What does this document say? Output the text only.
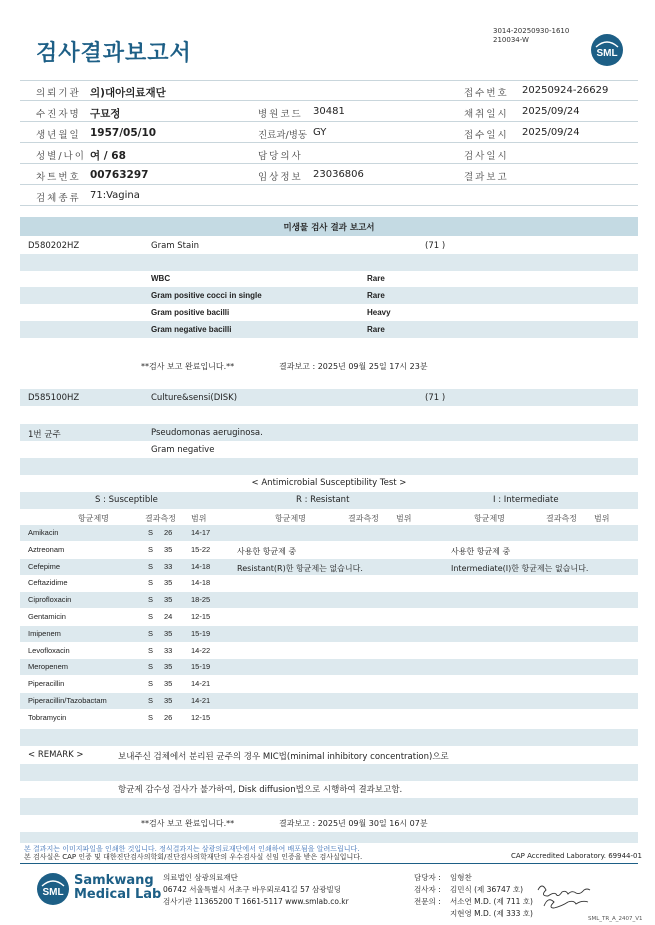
검사결과보고서
3014-20250930-1610
210034-W
SML
의뢰기관 의)대아의료재단	접수번호 20250924-26629
수진자명 구묘정	병원코드 30481	채취일시 2025/09/24
생년월일 1957/05/10	진료과/병동 GY	접수일시 2025/09/24
성별/나이 여 / 68	담당의사	검사일시
차트번호 00763297	임상정보 23036806	결과보고
검체종류 71:Vagina
미생물 검사 결과 보고서
D580202HZ	Gram Stain	(71 )
WBC	Rare
Gram positive cocci in single	Rare
Gram positive bacilli	Heavy
Gram negative bacilli	Rare
**검사 보고 완료입니다.**	결과보고 : 2025년 09월 25일 17시 23분
D585100HZ	Culture&sensi(DISK)	(71 )
1번 균주	Pseudomonas aeruginosa.
Gram negative
< Antimicrobial Susceptibility Test >
S : Susceptible	R : Resistant	I : Intermediate
항균제명	결과측정 범위	항균제명	결과측정 범위	항균제명	결과측정 범위
Amikacin	S 26 14-17
Aztreonam	S 35 15-22
Cefepime	S 33 14-18
Ceftazidime	S 35 14-18
Ciprofloxacin	S 35 18-25
Gentamicin	S 24 12-15
Imipenem	S 35 15-19
Levofloxacin	S 33 14-22
Meropenem	S 35 15-19
Piperacillin	S 35 14-21
Piperacillin/Tazobactam	S 35 14-21
Tobramycin	S 26 12-15
사용한 항균제 중
Resistant(R)한 항균제는 없습니다.
사용한 항균제 중
Intermediate(I)한 항균제는 없습니다.
< REMARK >	보내주신 검체에서 분리된 균주의 경우 MIC법(minimal inhibitory concentration)으로
항균제 감수성 검사가 불가하여, Disk diffusion법으로 시행하여 결과보고함.
**검사 보고 완료입니다.**	결과보고 : 2025년 09월 30일 16시 07분
본 결과지는 이미지파일을 인쇄한 것입니다. 정식결과지는 삼광의료재단에서 인쇄하여 배포됨을 알려드립니다.
본 검사실은 CAP 인증 및 대한진단검사의학회/진단검사의학재단의 우수검사실 신임 인증을 받은 검사실입니다.	CAP Accredited Laboratory. 69944-01
SML
Samkwang
Medical Lab
의료법인 삼광의료재단
06742 서울특별시 서초구 바우뫼로41길 57 삼광빌딩
검사기관 11365200 T 1661-5117 www.smlab.co.kr
담당자 : 임형찬
검사자 : 김민식 (제 36747 호)
전문의 : 서소연 M.D. (제 711 호)
지현영 M.D. (제 333 호)
SML_TR_A_2407_V1
